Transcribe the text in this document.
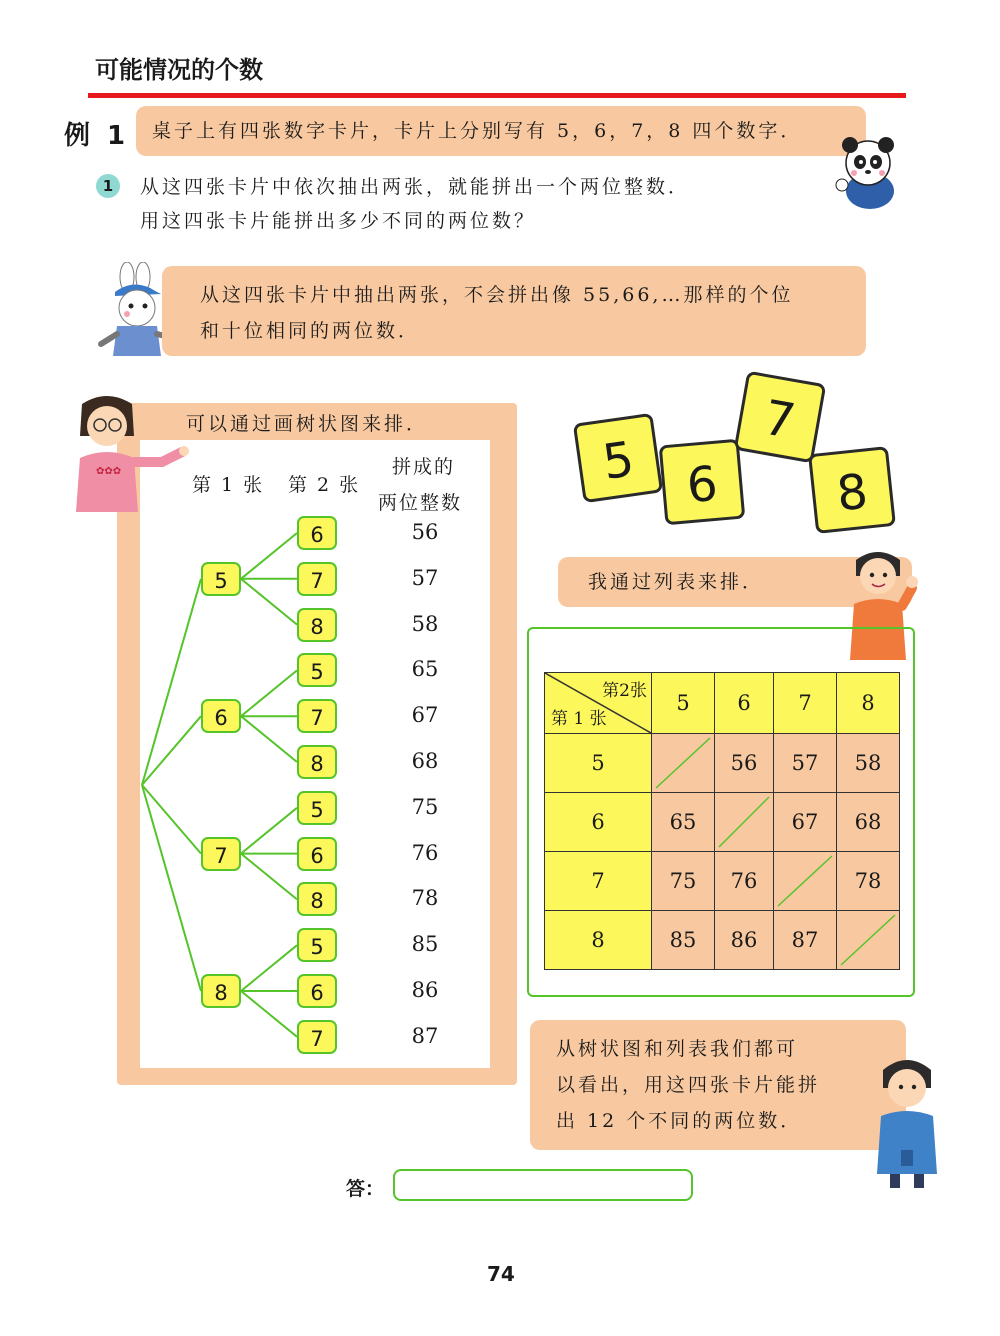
可能情况的个数
例 1 桌子上有四张数字卡片，卡片上分别写有 5，6，7，8 四个数字．
1	从这四张卡片中依次抽出两张，就能拼出一个两位整数．
用这四张卡片能拼出多少不同的两位数？
从这四张卡片中抽出两张，不会拼出像 55,66,…那样的个位
和十位相同的两位数．
可以通过画树状图来排．
✿✿✿
第 1 张 第 2 张
拼成的
两位整数
5
6	56
7	57
8	58
6
5	65
7	67
8	68
7
5	75
6	76
8	78
8
5	85
6	86
7	87
5 6
7
8
我通过列表来排．
第2张
第 1 张	5	6	7	8
5		56	57	58
6	65		67	68
7	75	76		78
8	85	86	87	
从树状图和列表我们都可
以看出，用这四张卡片能拼
出 12 个不同的两位数．
答：
74
